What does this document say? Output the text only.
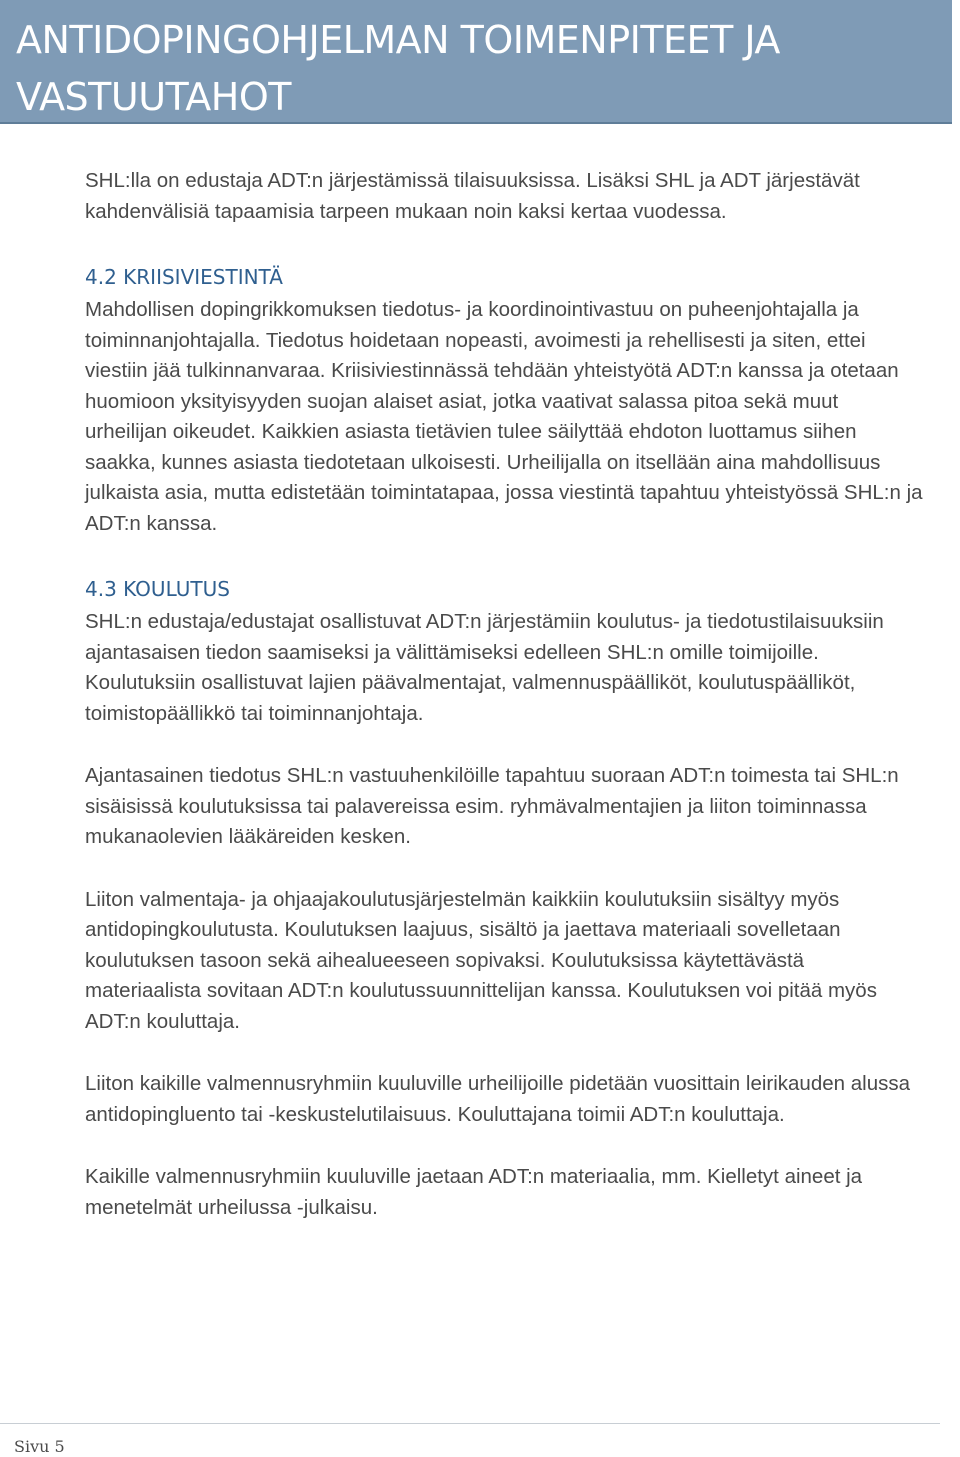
ANTIDOPINGOHJELMAN TOIMENPITEET JA VASTUUTAHOT

SHL:lla on edustaja ADT:n järjestämissä tilaisuuksissa. Lisäksi SHL ja ADT järjestävät kahdenvälisiä tapaamisia tarpeen mukaan noin kaksi kertaa vuodessa.

4.2 KRIISIVIESTINTÄ

Mahdollisen dopingrikkomuksen tiedotus- ja koordinointivastuu on puheenjohtajalla ja toiminnanjohtajalla. Tiedotus hoidetaan nopeasti, avoimesti ja rehellisesti ja siten, ettei viestiin jää tulkinnanvaraa. Kriisiviestinnässä tehdään yhteistyötä ADT:n kanssa ja otetaan huomioon yksityisyyden suojan alaiset asiat, jotka vaativat salassa pitoa sekä muut urheilijan oikeudet. Kaikkien asiasta tietävien tulee säilyttää ehdoton luottamus siihen saakka, kunnes asiasta tiedotetaan ulkoisesti. Urheilijalla on itsellään aina mahdollisuus julkaista asia, mutta edistetään toimintatapaa, jossa viestintä tapahtuu yhteistyössä SHL:n ja ADT:n kanssa.

4.3 KOULUTUS

SHL:n edustaja/edustajat osallistuvat ADT:n järjestämiin koulutus- ja tiedotustilaisuuksiin ajantasaisen tiedon saamiseksi ja välittämiseksi edelleen SHL:n omille toimijoille. Koulutuksiin osallistuvat lajien päävalmentajat, valmennuspäälliköt, koulutuspäälliköt, toimistopäällikkö tai toiminnanjohtaja.

Ajantasainen tiedotus SHL:n vastuuhenkilöille tapahtuu suoraan ADT:n toimesta tai SHL:n sisäisissä koulutuksissa tai palavereissa esim. ryhmävalmentajien ja liiton toiminnassa mukanaolevien lääkäreiden kesken.

Liiton valmentaja- ja ohjaajakoulutusjärjestelmän kaikkiin koulutuksiin sisältyy myös antidopingkoulutusta. Koulutuksen laajuus, sisältö ja jaettava materiaali sovelletaan koulutuksen tasoon sekä aihealueeseen sopivaksi. Koulutuksissa käytettävästä materiaalista sovitaan ADT:n koulutussuunnittelijan kanssa. Koulutuksen voi pitää myös ADT:n kouluttaja.

Liiton kaikille valmennusryhmiin kuuluville urheilijoille pidetään vuosittain leirikauden alussa antidopingluento tai -keskustelutilaisuus. Kouluttajana toimii ADT:n kouluttaja.

Kaikille valmennusryhmiin kuuluville jaetaan ADT:n materiaalia, mm. Kielletyt aineet ja menetelmät urheilussa -julkaisu.

Sivu 5
